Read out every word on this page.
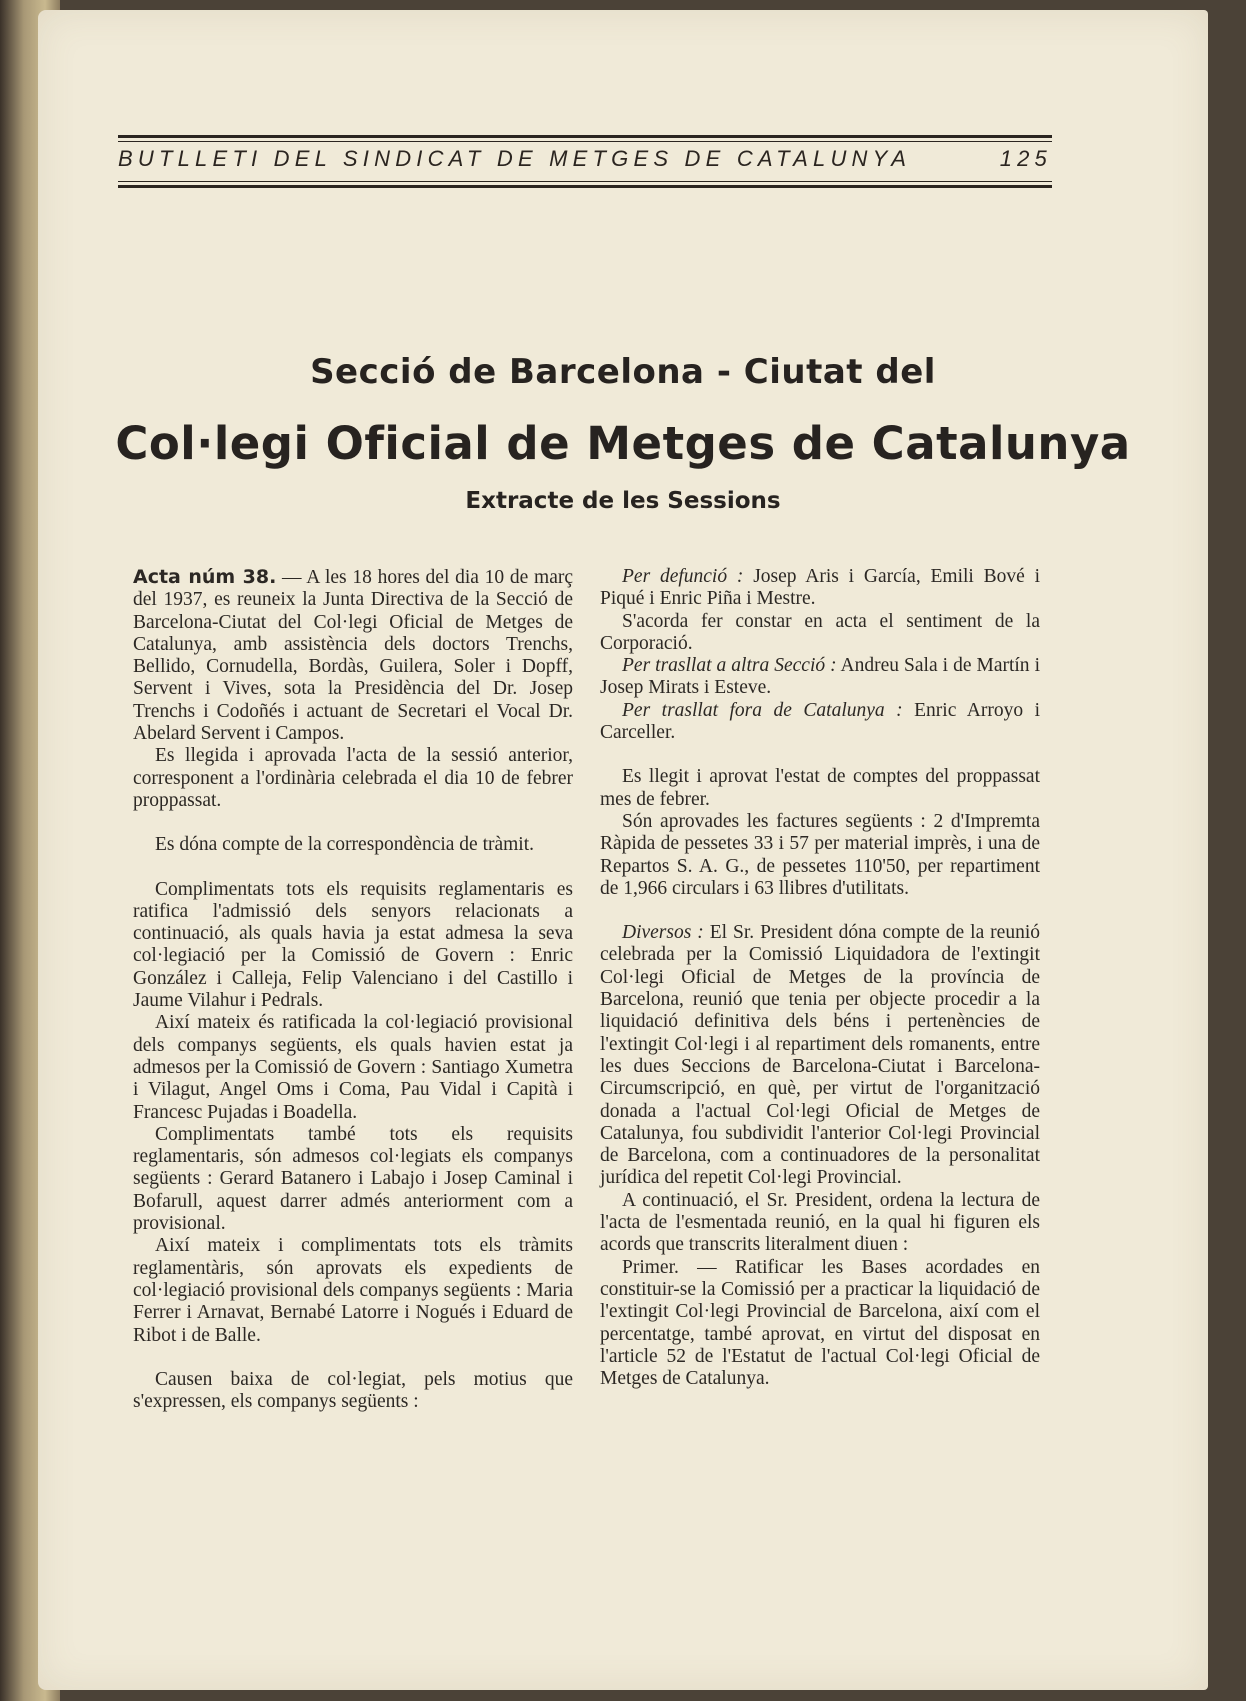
BUTLLETI DEL SINDICAT DE METGES DE CATALUNYA	125
Secció de Barcelona - Ciutat del
Col·legi Oficial de Metges de Catalunya
Extracte de les Sessions

Acta núm 38. — A les 18 hores del dia 10 de març del 1937, es reuneix la Junta Directiva de la Secció de Barcelona-Ciutat del Col·legi Oficial de Metges de Catalunya, amb assistència dels doctors Trenchs, Bellido, Cornudella, Bordàs, Guilera, Soler i Dopff, Servent i Vives, sota la Presidència del Dr. Josep Trenchs i Codoñés i actuant de Secretari el Vocal Dr. Abelard Servent i Campos.

Es llegida i aprovada l'acta de la sessió anterior, corresponent a l'ordinària celebrada el dia 10 de febrer proppassat.

Es dóna compte de la correspondència de tràmit.

Complimentats tots els requisits reglamentaris es ratifica l'admissió dels senyors relacionats a continuació, als quals havia ja estat admesa la seva col·legiació per la Comissió de Govern : Enric González i Calleja, Felip Valenciano i del Castillo i Jaume Vilahur i Pedrals.

Així mateix és ratificada la col·legiació provisional dels companys següents, els quals havien estat ja admesos per la Comissió de Govern : Santiago Xumetra i Vilagut, Angel Oms i Coma, Pau Vidal i Capità i Francesc Pujadas i Boadella.

Complimentats també tots els requisits reglamentaris, són admesos col·legiats els companys següents : Gerard Batanero i Labajo i Josep Caminal i Bofarull, aquest darrer admés anteriorment com a provisional.

Així mateix i complimentats tots els tràmits reglamentàris, són aprovats els expedients de col·legiació provisional dels companys següents : Maria Ferrer i Arnavat, Bernabé Latorre i Nogués i Eduard de Ribot i de Balle.

Causen baixa de col·legiat, pels motius que s'expressen, els companys següents :

Per defunció : Josep Aris i García, Emili Bové i Piqué i Enric Piña i Mestre.

S'acorda fer constar en acta el sentiment de la Corporació.

Per trasllat a altra Secció : Andreu Sala i de Martín i Josep Mirats i Esteve.

Per trasllat fora de Catalunya : Enric Arroyo i Carceller.

Es llegit i aprovat l'estat de comptes del proppassat mes de febrer.

Són aprovades les factures següents : 2 d'Impremta Ràpida de pessetes 33 i 57 per material imprès, i una de Repartos S. A. G., de pessetes 110'50, per repartiment de 1,966 circulars i 63 llibres d'utilitats.

Diversos : El Sr. President dóna compte de la reunió celebrada per la Comissió Liquidadora de l'extingit Col·legi Oficial de Metges de la província de Barcelona, reunió que tenia per objecte procedir a la liquidació definitiva dels béns i pertenències de l'extingit Col·legi i al repartiment dels romanents, entre les dues Seccions de Barcelona-Ciutat i Barcelona-Circumscripció, en què, per virtut de l'organització donada a l'actual Col·legi Oficial de Metges de Catalunya, fou subdividit l'anterior Col·legi Provincial de Barcelona, com a continuadores de la personalitat jurídica del repetit Col·legi Provincial.

A continuació, el Sr. President, ordena la lectura de l'acta de l'esmentada reunió, en la qual hi figuren els acords que transcrits literalment diuen :

Primer. — Ratificar les Bases acordades en constituir-se la Comissió per a practicar la liquidació de l'extingit Col·legi Provincial de Barcelona, així com el percentatge, també aprovat, en virtut del disposat en l'article 52 de l'Estatut de l'actual Col·legi Oficial de Metges de Catalunya.
